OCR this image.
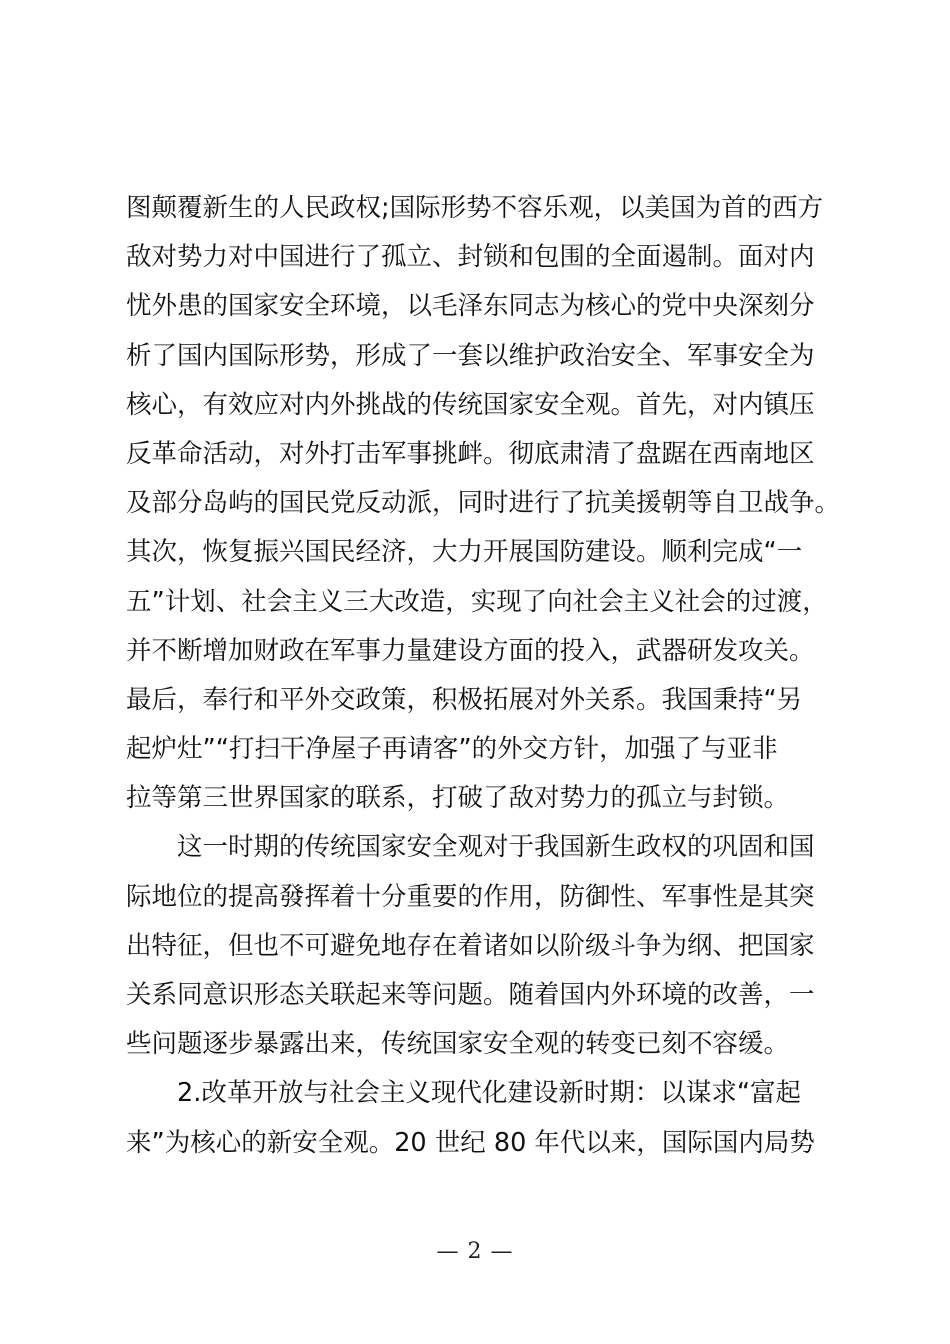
图颠覆新生的人民政权;国际形势不容乐观，以美国为首的西方
敌对势力对中国进行了孤立、封锁和包围的全面遏制。面对内
忧外患的国家安全环境，以毛泽东同志为核心的党中央深刻分
析了国内国际形势，形成了一套以维护政治安全、军事安全为
核心，有效应对内外挑战的传统国家安全观。首先，对内镇压
反革命活动，对外打击军事挑衅。彻底肃清了盘踞在西南地区
及部分岛屿的国民党反动派，同时进行了抗美援朝等自卫战争。
其次，恢复振兴国民经济，大力开展国防建设。顺利完成“一
五”计划、社会主义三大改造，实现了向社会主义社会的过渡，
并不断增加财政在军事力量建设方面的投入，武器研发攻关。
最后，奉行和平外交政策，积极拓展对外关系。我国秉持“另
起炉灶”“打扫干净屋子再请客”的外交方针，加强了与亚非
拉等第三世界国家的联系，打破了敌对势力的孤立与封锁。
　　这一时期的传统国家安全观对于我国新生政权的巩固和国
际地位的提高發挥着十分重要的作用，防御性、军事性是其突
出特征，但也不可避免地存在着诸如以阶级斗争为纲、把国家
关系同意识形态关联起来等问题。随着国内外环境的改善，一
些问题逐步暴露出来，传统国家安全观的转变已刻不容缓。
　　2.改革开放与社会主义现代化建设新时期：以谋求“富起
来”为核心的新安全观。20 世纪 80 年代以来，国际国内局势
— 2 —
